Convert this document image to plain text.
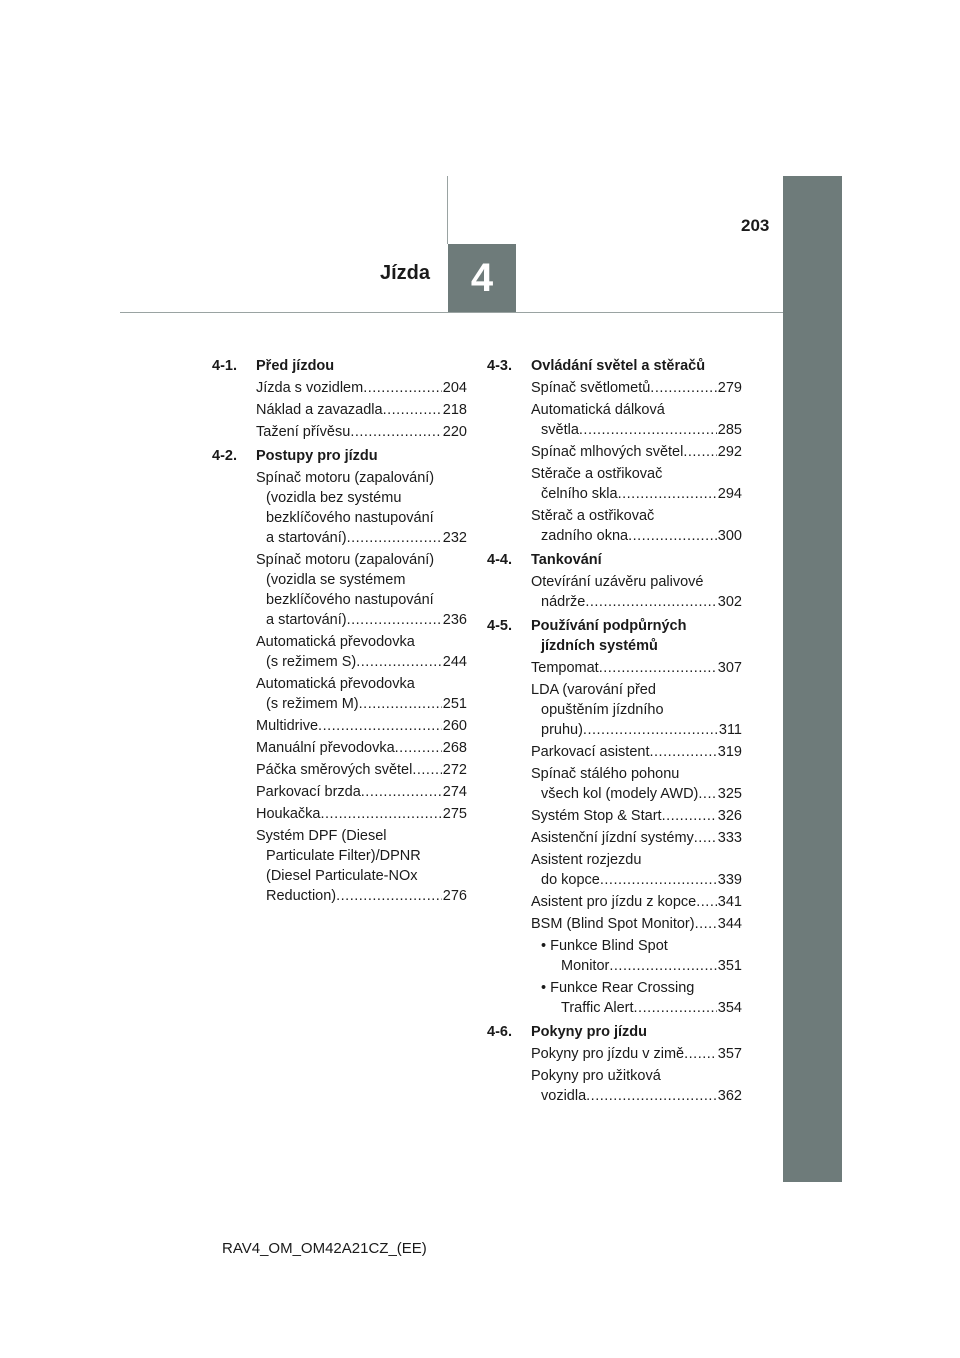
4
Jízda
203
4-1.	Před jízdou
Jízda s vozidlem .....	204
Náklad a zavazadla .....	218
Tažení přívěsu .....	220
4-2.	Postupy pro jízdu
Spínač motoru (zapalování)
(vozidla bez systému
bezklíčového nastupování
a startování) .....	232
Spínač motoru (zapalování)
(vozidla se systémem
bezklíčového nastupování
a startování) .....	236
Automatická převodovka
(s režimem S) .....	244
Automatická převodovka
(s režimem M) .....	251
Multidrive .....	260
Manuální převodovka .....	268
Páčka směrových světel ..... 272
Parkovací brzda .....	274
Houkačka .....	275
Systém DPF (Diesel
Particulate Filter)/DPNR
(Diesel Particulate-NOx
Reduction) .....	276
4-3.	Ovládání světel a stěračů
Spínač světlometů .....	279
Automatická dálková
světla .....	285
Spínač mlhových světel ..... 292
Stěrače a ostřikovač
čelního skla .....	294
Stěrač a ostřikovač
zadního okna .....	300
4-4.	Tankování
Otevírání uzávěru palivové
nádrže .....	302
4-5.	Používání podpůrných
jízdních systémů
Tempomat .....	307
LDA (varování před
opuštěním jízdního
pruhu) .....	311
Parkovací asistent .....	319
Spínač stálého pohonu
všech kol (modely AWD) ..... 325
Systém Stop & Start .....	326
Asistenční jízdní systémy ..... 333
Asistent rozjezdu
do kopce .....	339
Asistent pro jízdu z kopce ..... 341
BSM (Blind Spot Monitor) ..... 344
• Funkce Blind Spot
Monitor .....	351
• Funkce Rear Crossing
Traffic Alert .....	354
4-6.	Pokyny pro jízdu
Pokyny pro jízdu v zimě ..... 357
Pokyny pro užitková
vozidla .....	362
RAV4_OM_OM42A21CZ_(EE)
